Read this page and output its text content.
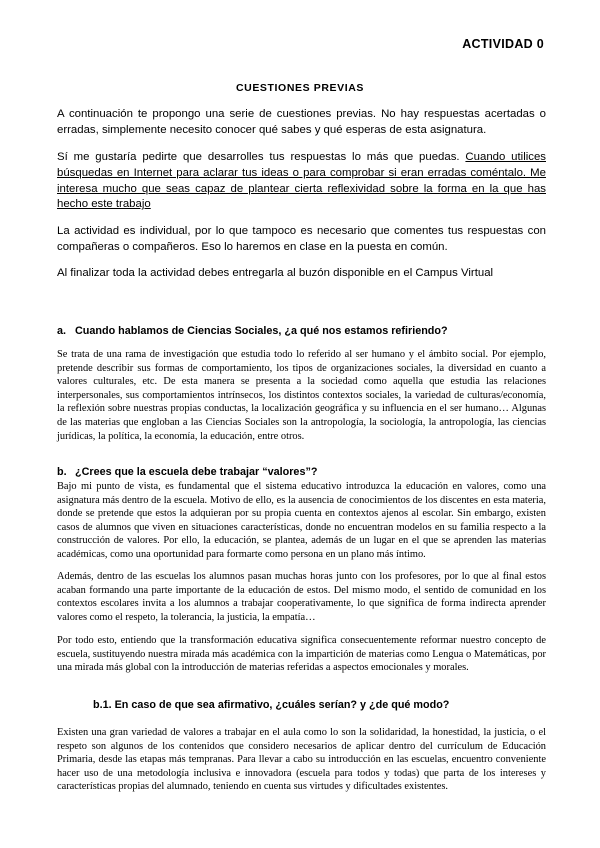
ACTIVIDAD 0
CUESTIONES PREVIAS

A continuación te propongo una serie de cuestiones previas. No hay respuestas acertadas o erradas, simplemente necesito conocer qué sabes y qué esperas de esta asignatura.

Sí me gustaría pedirte que desarrolles tus respuestas lo más que puedas. Cuando utilices búsquedas en Internet para aclarar tus ideas o para comprobar si eran erradas coméntalo. Me interesa mucho que seas capaz de plantear cierta reflexividad sobre la forma en la que has hecho este trabajo

La actividad es individual, por lo que tampoco es necesario que comentes tus respuestas con compañeras o compañeros. Eso lo haremos en clase en la puesta en común.

Al finalizar toda la actividad debes entregarla al buzón disponible en el Campus Virtual

a. Cuando hablamos de Ciencias Sociales, ¿a qué nos estamos refiriendo?

Se trata de una rama de investigación que estudia todo lo referido al ser humano y el ámbito social. Por ejemplo, pretende describir sus formas de comportamiento, los tipos de organizaciones sociales, la diversidad en cuanto a valores culturales, etc. De esta manera se presenta a la sociedad como aquella que estudia las relaciones interpersonales, sus comportamientos intrínsecos, los distintos contextos sociales, la variedad de culturas/economía, la reflexión sobre nuestras propias conductas, la localización geográfica y su influencia en el ser humano… Algunas de las materias que engloban a las Ciencias Sociales son la antropología, la sociología, la antropología, las ciencias jurídicas, la política, la economía, la educación, entre otros.

b. ¿Crees que la escuela debe trabajar “valores”?

Bajo mi punto de vista, es fundamental que el sistema educativo introduzca la educación en valores, como una asignatura más dentro de la escuela. Motivo de ello, es la ausencia de conocimientos de los discentes en esta materia, donde se pretende que estos la adquieran por su propia cuenta en contextos ajenos al escolar. Sin embargo, existen casos de alumnos que viven en situaciones características, donde no encuentran modelos en su familia respecto a la construcción de valores. Por ello, la educación, se plantea, además de un lugar en el que se aprenden las materias académicas, como una oportunidad para formarte como persona en un plano más íntimo.

Además, dentro de las escuelas los alumnos pasan muchas horas junto con los profesores, por lo que al final estos acaban formando una parte importante de la educación de estos. Del mismo modo, el sentido de comunidad en los contextos escolares invita a los alumnos a trabajar cooperativamente, lo que significa de forma indirecta aprender valores como el respeto, la tolerancia, la justicia, la empatía…

Por todo esto, entiendo que la transformación educativa significa consecuentemente reformar nuestro concepto de escuela, sustituyendo nuestra mirada más académica con la impartición de materias como Lengua o Matemáticas, por una mirada más global con la introducción de materias referidas a aspectos emocionales y morales.

b.1. En caso de que sea afirmativo, ¿cuáles serían? y ¿de qué modo?

Existen una gran variedad de valores a trabajar en el aula como lo son la solidaridad, la honestidad, la justicia, o el respeto son algunos de los contenidos que considero necesarios de aplicar dentro del currículum de Educación Primaria, desde las etapas más tempranas. Para llevar a cabo su introducción en las escuelas, encuentro conveniente hacer uso de una metodología inclusiva e innovadora (escuela para todos y todas) que parta de los intereses y características propias del alumnado, teniendo en cuenta sus virtudes y dificultades existentes.
